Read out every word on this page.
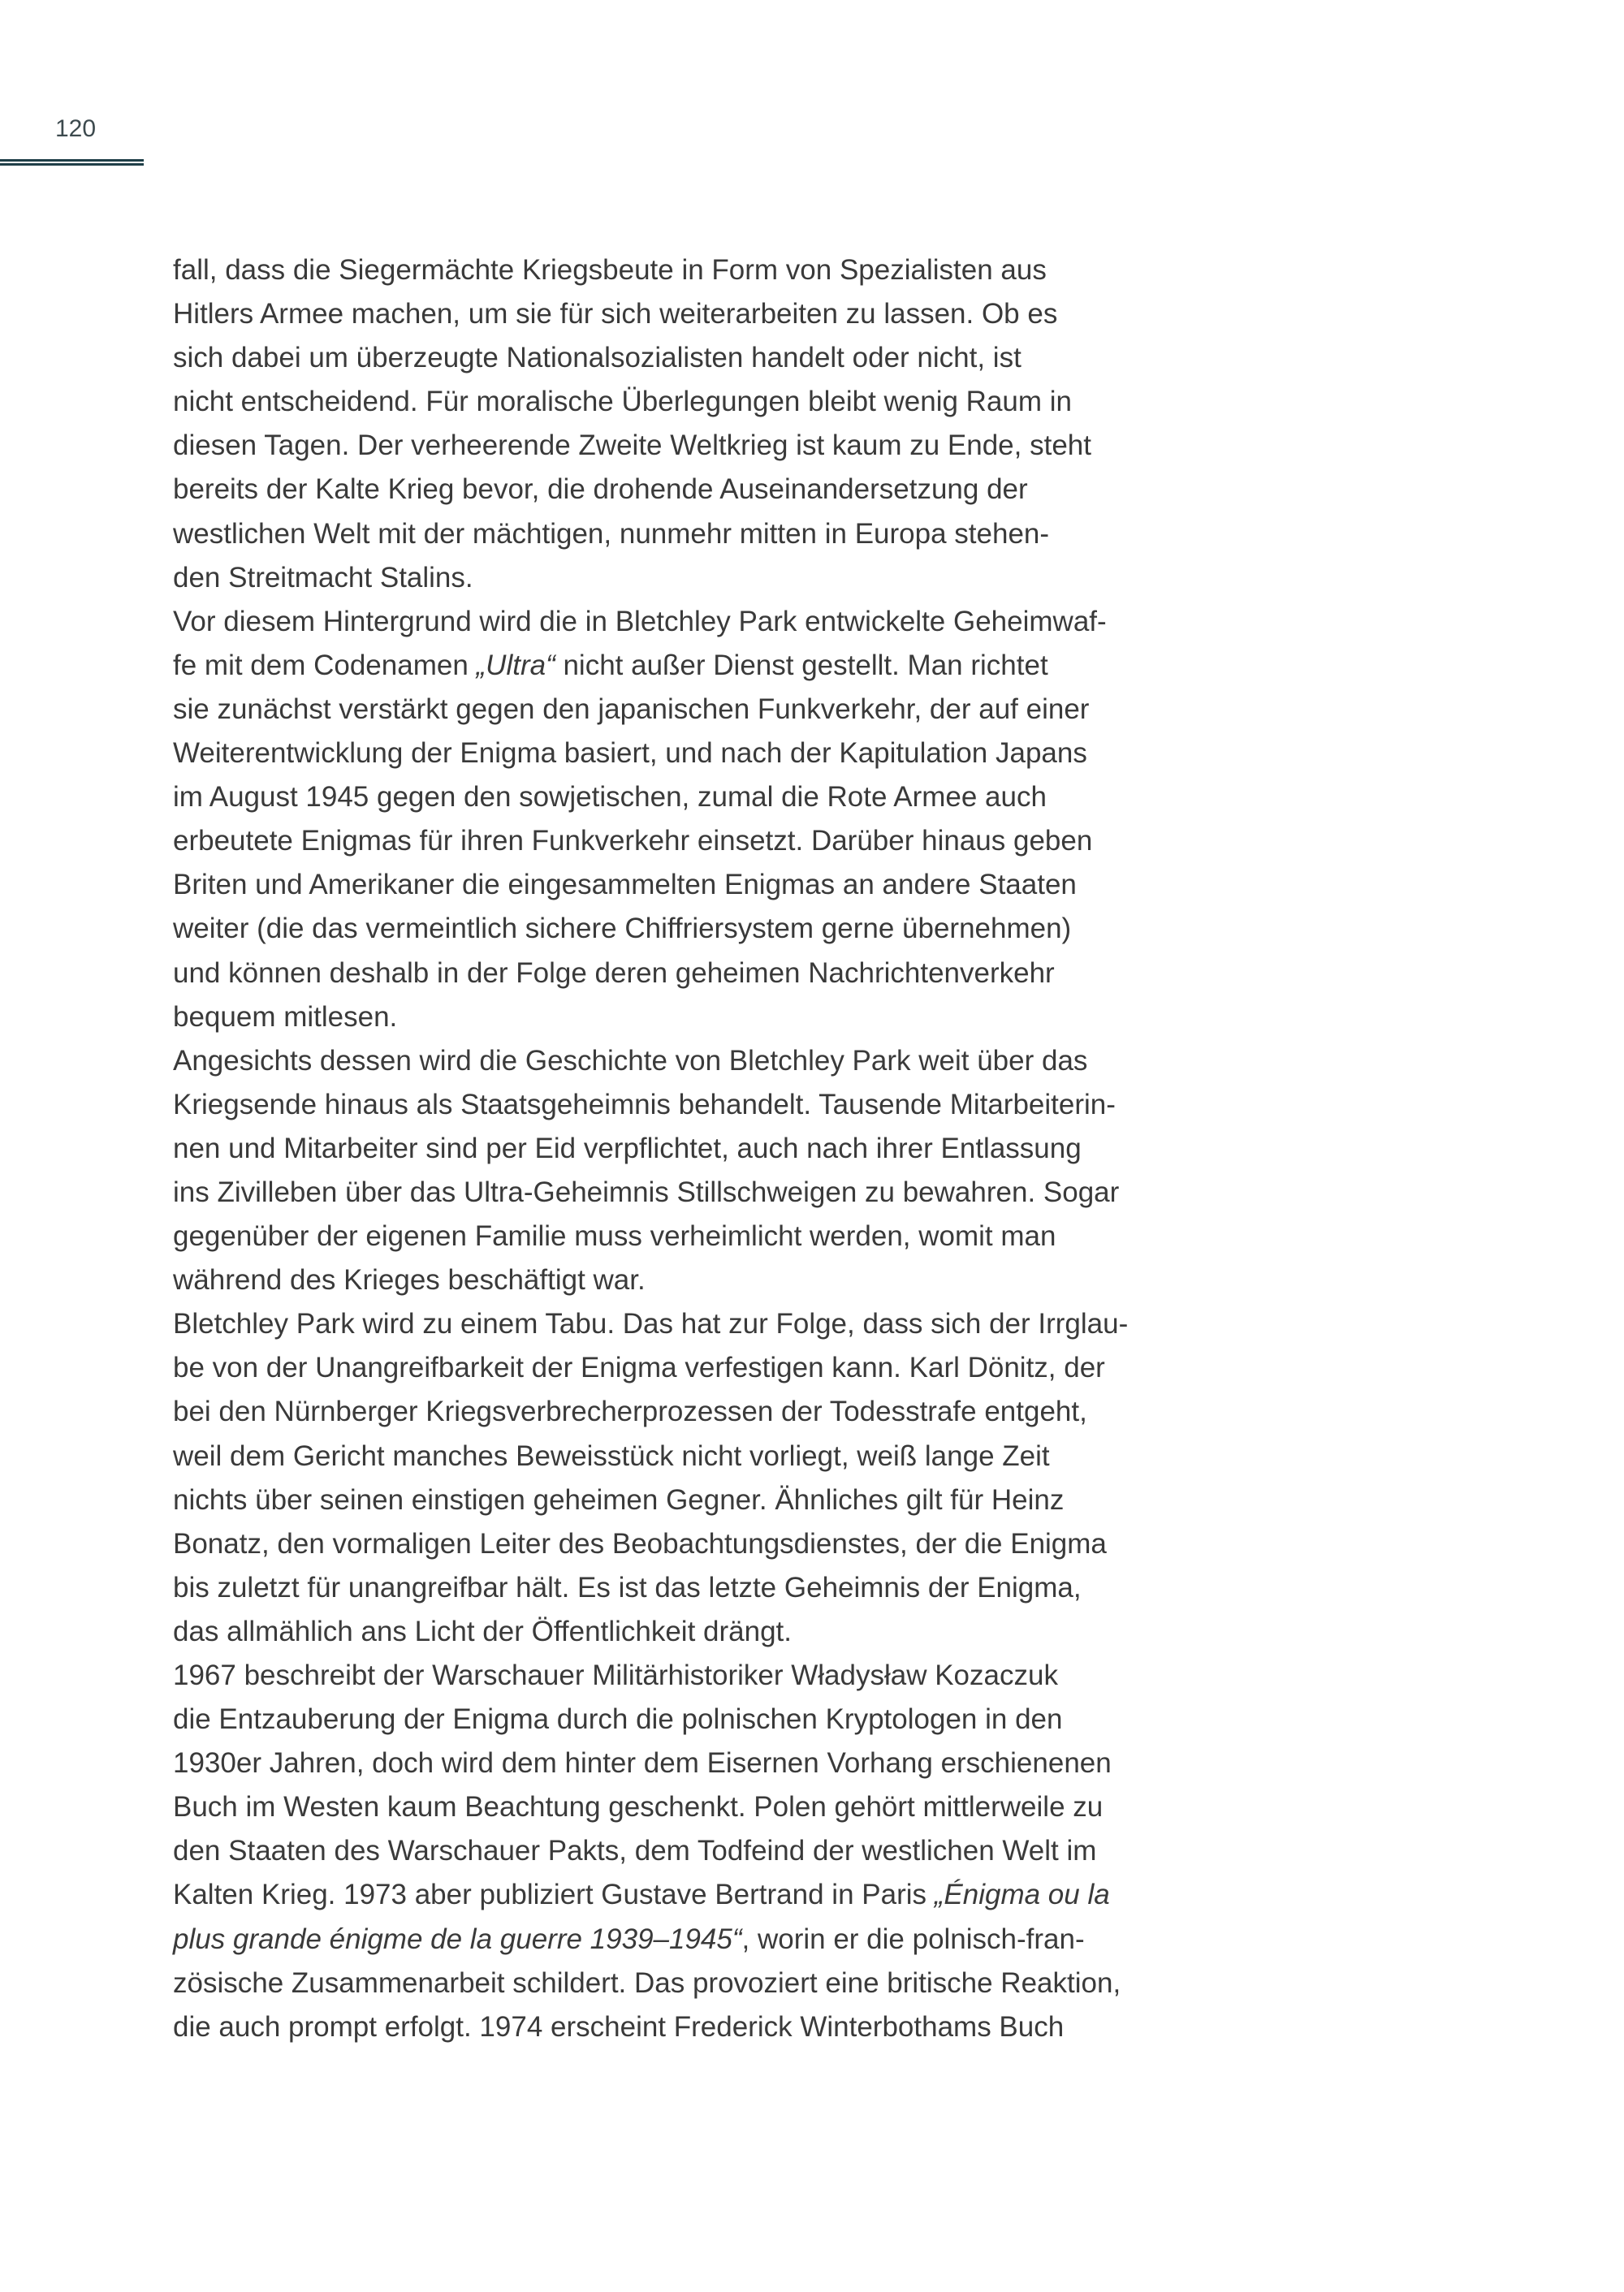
120
fall, dass die Siegermächte Kriegsbeute in Form von Spezialisten aus
Hitlers Armee machen, um sie für sich weiterarbeiten zu lassen. Ob es
sich dabei um überzeugte Nationalsozialisten handelt oder nicht, ist
nicht entscheidend. Für moralische Überlegungen bleibt wenig Raum in
diesen Tagen. Der verheerende Zweite Weltkrieg ist kaum zu Ende, steht
bereits der Kalte Krieg bevor, die drohende Auseinandersetzung der
westlichen Welt mit der mächtigen, nunmehr mitten in Europa stehen-
den Streitmacht Stalins.
Vor diesem Hintergrund wird die in Bletchley Park entwickelte Geheimwaf-
fe mit dem Codenamen „Ultra“ nicht außer Dienst gestellt. Man richtet
sie zunächst verstärkt gegen den japanischen Funkverkehr, der auf einer
Weiterentwicklung der Enigma basiert, und nach der Kapitulation Japans
im August 1945 gegen den sowjetischen, zumal die Rote Armee auch
erbeutete Enigmas für ihren Funkverkehr einsetzt. Darüber hinaus geben
Briten und Amerikaner die eingesammelten Enigmas an andere Staaten
weiter (die das vermeintlich sichere Chiffriersystem gerne übernehmen)
und können deshalb in der Folge deren geheimen Nachrichtenverkehr
bequem mitlesen.
Angesichts dessen wird die Geschichte von Bletchley Park weit über das
Kriegsende hinaus als Staatsgeheimnis behandelt. Tausende Mitarbeiterin-
nen und Mitarbeiter sind per Eid verpflichtet, auch nach ihrer Entlassung
ins Zivilleben über das Ultra-Geheimnis Stillschweigen zu bewahren. Sogar
gegenüber der eigenen Familie muss verheimlicht werden, womit man
während des Krieges beschäftigt war.
Bletchley Park wird zu einem Tabu. Das hat zur Folge, dass sich der Irrglau-
be von der Unangreifbarkeit der Enigma verfestigen kann. Karl Dönitz, der
bei den Nürnberger Kriegsverbrecherprozessen der Todesstrafe entgeht,
weil dem Gericht manches Beweisstück nicht vorliegt, weiß lange Zeit
nichts über seinen einstigen geheimen Gegner. Ähnliches gilt für Heinz
Bonatz, den vormaligen Leiter des Beobachtungsdienstes, der die Enigma
bis zuletzt für unangreifbar hält. Es ist das letzte Geheimnis der Enigma,
das allmählich ans Licht der Öffentlichkeit drängt.
1967 beschreibt der Warschauer Militärhistoriker Władysław Kozaczuk
die Entzauberung der Enigma durch die polnischen Kryptologen in den
1930er Jahren, doch wird dem hinter dem Eisernen Vorhang erschienenen
Buch im Westen kaum Beachtung geschenkt. Polen gehört mittlerweile zu
den Staaten des Warschauer Pakts, dem Todfeind der westlichen Welt im
Kalten Krieg. 1973 aber publiziert Gustave Bertrand in Paris „Énigma ou la
plus grande énigme de la guerre 1939–1945“, worin er die polnisch-fran-
zösische Zusammenarbeit schildert. Das provoziert eine britische Reaktion,
die auch prompt erfolgt. 1974 erscheint Frederick Winterbothams Buch
